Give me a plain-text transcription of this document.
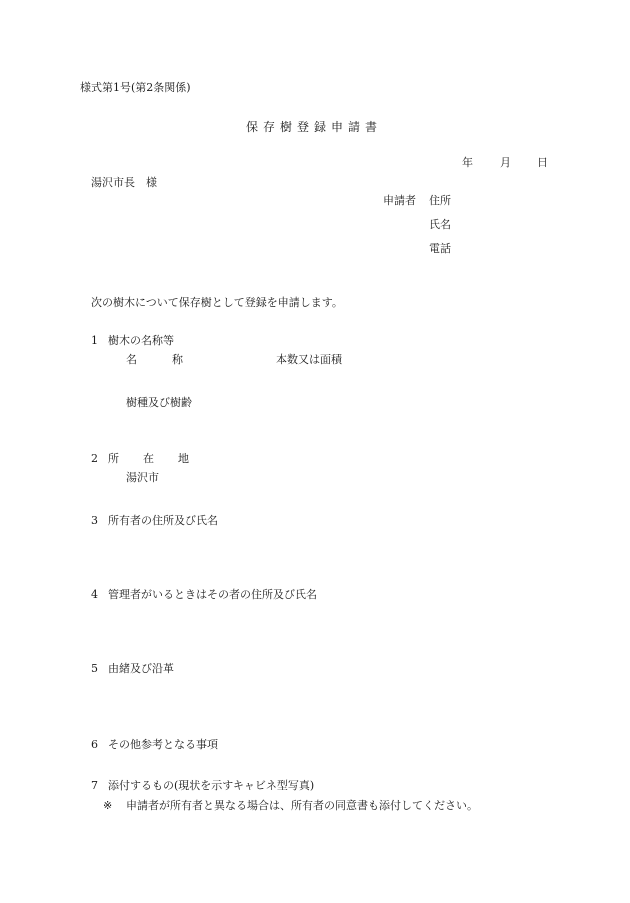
様式第1号(第2条関係)
保存樹登録申請書
年 月 日
湯沢市長　様
申請者 住所
氏名
電話
次の樹木について保存樹として登録を申請します。
1 樹木の名称等
名	称	本数又は面積
樹種及び樹齢
2 所 在 地
湯沢市
3 所有者の住所及び氏名
4 管理者がいるときはその者の住所及び氏名
5 由緒及び沿革
6 その他参考となる事項
7 添付するもの(現状を示すキャビネ型写真)
※ 申請者が所有者と異なる場合は、所有者の同意書も添付してください。
